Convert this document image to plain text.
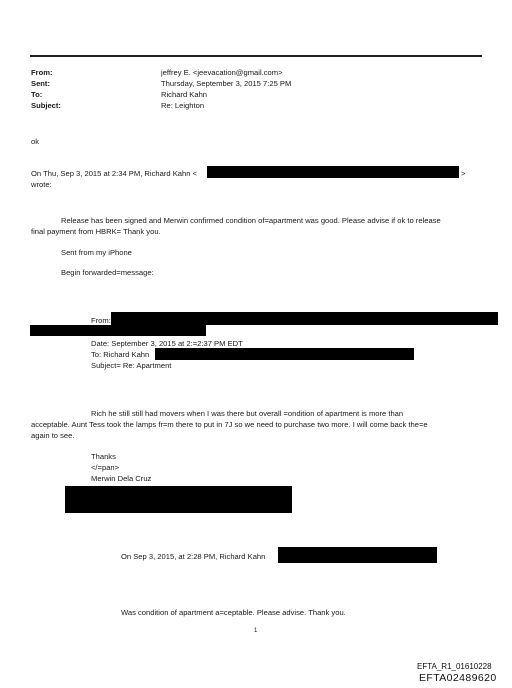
From:
Sent:
To:
Subject:
jeffrey E. <jeevacation@gmail.com>
Thursday, September 3, 2015 7:25 PM
Richard Kahn
Re: Leighton
ok
On Thu, Sep 3, 2015 at 2:34 PM, Richard Kahn <	>
wrote:
Release has been signed and Merwin confirmed condition of=apartment was good. Please advise if ok to release
final payment from HBRK= Thank you.
Sent from my iPhone
Begin forwarded=message:
From:
Date: September 3, 2015 at 2:=2:37 PM EDT
To: Richard Kahn
Subject= Re: Apartment
Rich he still still had movers when I was there but overall =ondition of apartment is more than
acceptable. Aunt Tess took the lamps fr=m there to put in 7J so we need to purchase two more. I will come back the=e
again to see.
Thanks
</=pan>
Merwin Dela Cruz
On Sep 3, 2015, at 2:28 PM, Richard Kahn
Was condition of apartment a=ceptable. Please advise. Thank you.
1
EFTA_R1_01610228
EFTA02489620
